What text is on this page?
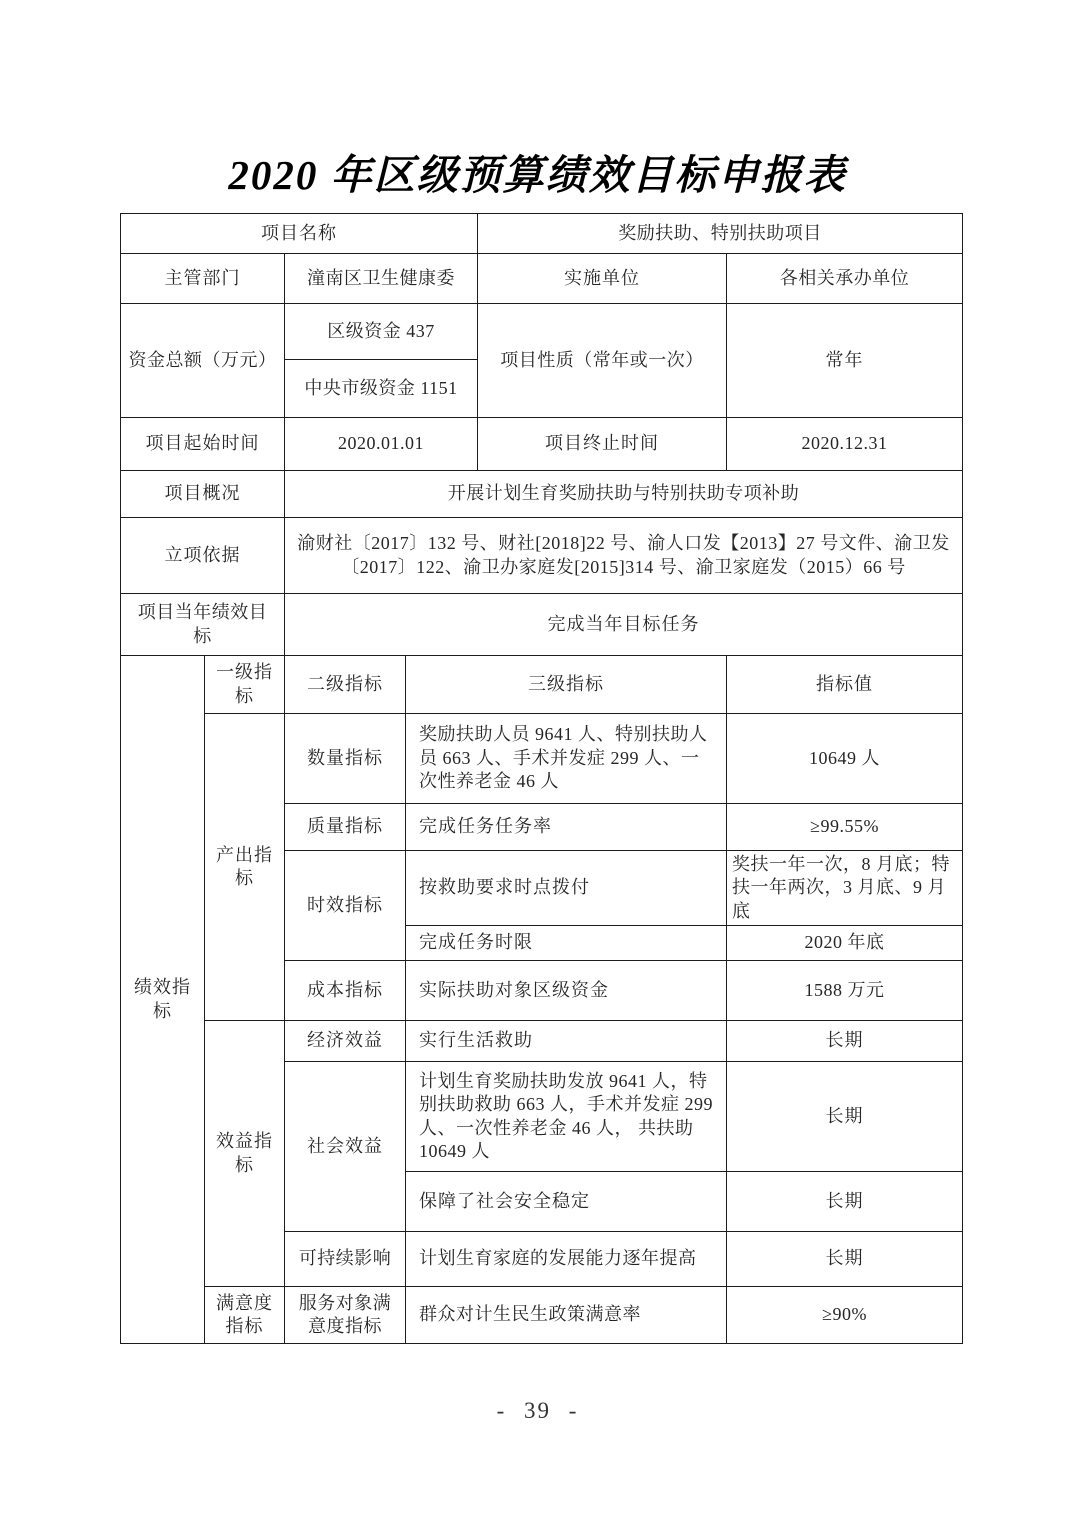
2020 年区级预算绩效目标申报表
项目名称				奖励扶助、特别扶助项目	
主管部门		潼南区卫生健康委		实施单位	各相关承办单位
资金总额（万元）		区级资金 437		项目性质（常年或一次）	常年
		中央市级资金 1151			
项目起始时间		2020.01.01		项目终止时间	2020.12.31
项目概况		开展计划生育奖励扶助与特别扶助专项补助			
立项依据		渝财社〔2017〕132 号、财社[2018]22 号、渝人口发【2013】27 号文件、渝卫发〔2017〕122、渝卫办家庭发[2015]314 号、渝卫家庭发（2015）66 号			
项目当年绩效目标		完成当年目标任务			
绩效指标	一级指标	二级指标	三级指标		指标值
	产出指标	数量指标	奖励扶助人员 9641 人、特别扶助人员 663 人、手术并发症 299 人、一次性养老金 46 人		10649 人
		质量指标	完成任务任务率		≥99.55%
		时效指标	按救助要求时点拨付		奖扶一年一次，8 月底；特扶一年两次，3 月底、9 月底
			完成任务时限		2020 年底
		成本指标	实际扶助对象区级资金		1588 万元
	效益指标	经济效益	实行生活救助		长期
		社会效益	计划生育奖励扶助发放 9641 人，特别扶助救助 663 人，手术并发症 299 人、一次性养老金 46 人， 共扶助 10649 人		长期
			保障了社会安全稳定		长期
		可持续影响	计划生育家庭的发展能力逐年提高		长期
	满意度指标	服务对象满意度指标	群众对计生民生政策满意率		≥90%
- 39 -
